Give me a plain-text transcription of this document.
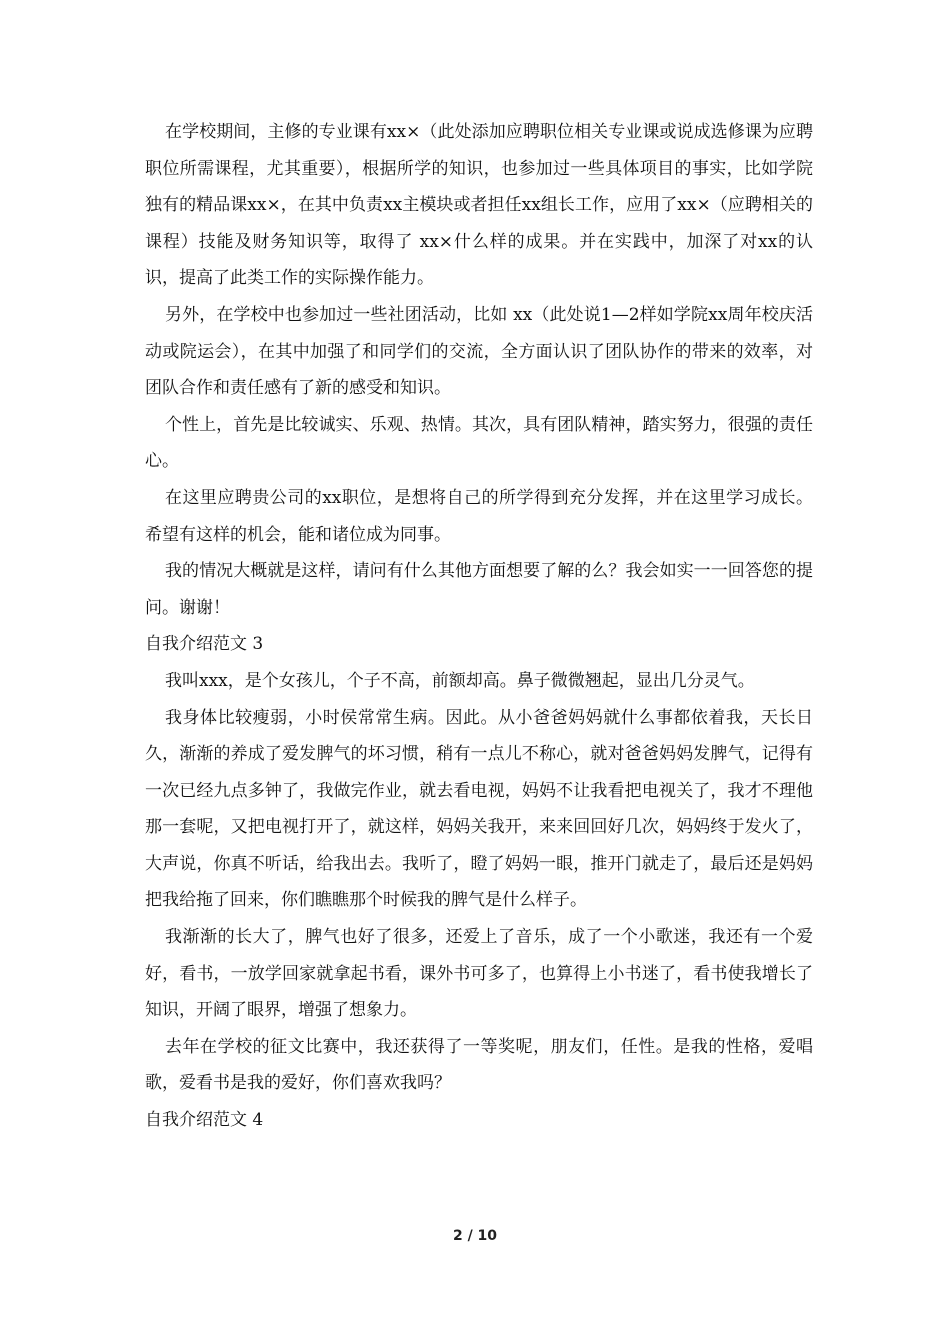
在学校期间，主修的专业课有xx×（此处添加应聘职位相关专业课或说成选修课为应聘职位所需课程，尤其重要），根据所学的知识，也参加过一些具体项目的事实，比如学院独有的精品课xx×，在其中负责xx主模块或者担任xx组长工作，应用了xx×（应聘相关的课程）技能及财务知识等，取得了 xx×什么样的成果。并在实践中，加深了对xx的认识，提高了此类工作的实际操作能力。

另外，在学校中也参加过一些社团活动，比如 xx（此处说1—2样如学院xx周年校庆活动或院运会），在其中加强了和同学们的交流，全方面认识了团队协作的带来的效率，对团队合作和责任感有了新的感受和知识。

个性上，首先是比较诚实、乐观、热情。其次，具有团队精神，踏实努力，很强的责任心。

在这里应聘贵公司的xx职位，是想将自己的所学得到充分发挥，并在这里学习成长。希望有这样的机会，能和诸位成为同事。

我的情况大概就是这样，请问有什么其他方面想要了解的么？我会如实一一回答您的提问。谢谢！

自我介绍范文 3

我叫xxx，是个女孩儿，个子不高，前额却高。鼻子微微翘起，显出几分灵气。

我身体比较瘦弱，小时侯常常生病。因此。从小爸爸妈妈就什么事都依着我，天长日久，渐渐的养成了爱发脾气的坏习惯，稍有一点儿不称心，就对爸爸妈妈发脾气，记得有一次已经九点多钟了，我做完作业，就去看电视，妈妈不让我看把电视关了，我才不理他那一套呢，又把电视打开了，就这样，妈妈关我开，来来回回好几次，妈妈终于发火了，大声说，你真不听话，给我出去。我听了，瞪了妈妈一眼，推开门就走了，最后还是妈妈把我给拖了回来，你们瞧瞧那个时候我的脾气是什么样子。

我渐渐的长大了，脾气也好了很多，还爱上了音乐，成了一个小歌迷，我还有一个爱好，看书，一放学回家就拿起书看，课外书可多了，也算得上小书迷了，看书使我增长了知识，开阔了眼界，增强了想象力。

去年在学校的征文比赛中，我还获得了一等奖呢，朋友们，任性。是我的性格，爱唱歌，爱看书是我的爱好，你们喜欢我吗？

自我介绍范文 4

2 / 10
